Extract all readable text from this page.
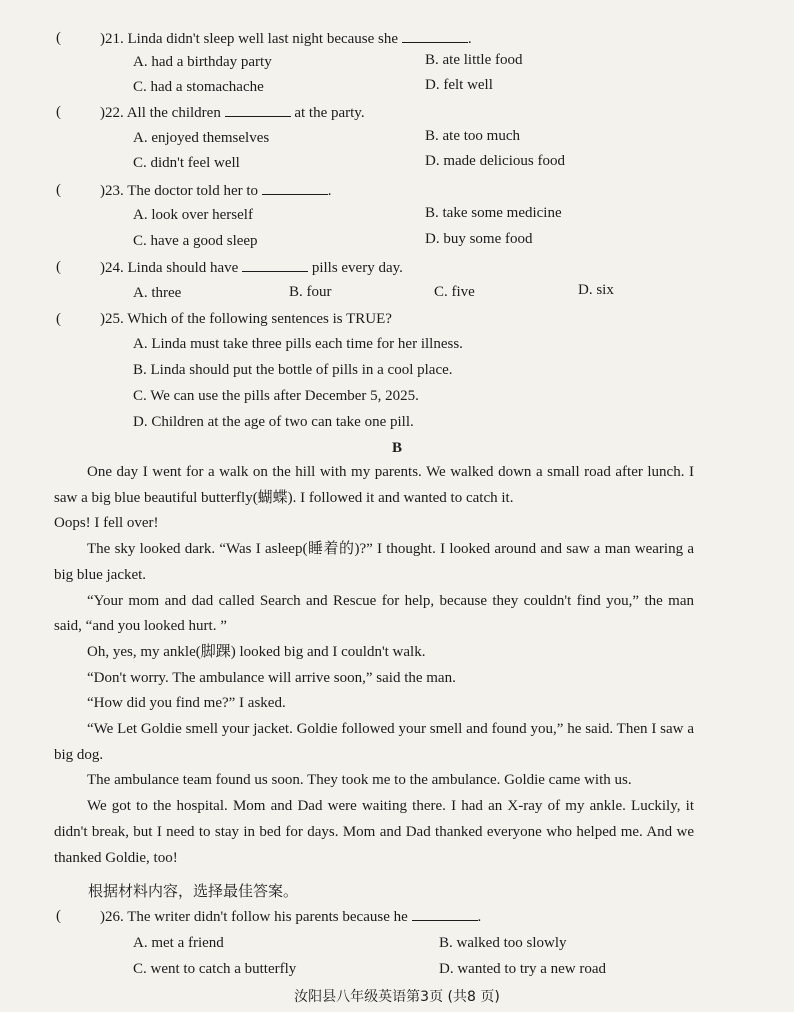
(	)21. Linda didn't sleep well last night because she	.
A. had a birthday party	B. ate little food
C. had a stomachache	D. felt well
(	)22. All the children	at the party.
A. enjoyed themselves	B. ate too much
C. didn't feel well	D. made delicious food
(	)23. The doctor told her to	.
A. look over herself	B. take some medicine
C. have a good sleep	D. buy some food
(	)24. Linda should have	pills every day.
A. three	B. four	C. five	D. six
(	)25. Which of the following sentences is TRUE?
A. Linda must take three pills each time for her illness.
B. Linda should put the bottle of pills in a cool place.
C. We can use the pills after December 5, 2025.
D. Children at the age of two can take one pill.
B

One day I went for a walk on the hill with my parents. We walked down a small road after lunch. I saw a big blue beautiful butterfly(蝴蝶). I followed it and wanted to catch it.

Oops! I fell over!

The sky looked dark. “Was I asleep(睡着的)?” I thought. I looked around and saw a man wearing a big blue jacket.

“Your mom and dad called Search and Rescue for help, because they couldn't find you,” the man said, “and you looked hurt. ”

Oh, yes, my ankle(脚踝) looked big and I couldn't walk.

“Don't worry. The ambulance will arrive soon,” said the man.

“How did you find me?” I asked.

“We Let Goldie smell your jacket. Goldie followed your smell and found you,” he said. Then I saw a big dog.

The ambulance team found us soon. They took me to the ambulance. Goldie came with us.

We got to the hospital. Mom and Dad were waiting there. I had an X-ray of my ankle. Luckily, it didn't break, but I need to stay in bed for days. Mom and Dad thanked everyone who helped me. And we thanked Goldie, too!

根据材料内容，选择最佳答案。
(	)26. The writer didn't follow his parents because he	.
A. met a friend	B. walked too slowly
C. went to catch a butterfly	D. wanted to try a new road
汝阳县八年级英语第3页 (共8 页)
